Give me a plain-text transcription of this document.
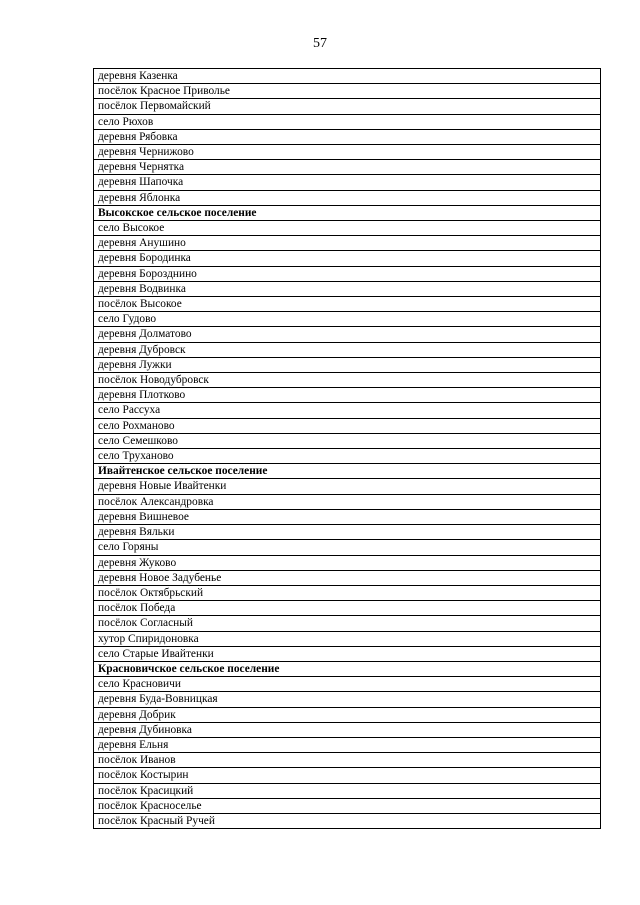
57
деревня Казенка
посёлок Красное Приволье
посёлок Первомайский
село Рюхов
деревня Рябовка
деревня Чернижово
деревня Чернятка
деревня Шапочка
деревня Яблонка
Высокское сельское поселение
село Высокое
деревня Анушино
деревня Бородинка
деревня Борозднино
деревня Водвинка
посёлок Высокое
село Гудово
деревня Долматово
деревня Дубровск
деревня Лужки
посёлок Новодубровск
деревня Плотково
село Рассуха
село Рохманово
село Семешково
село Труханово
Ивайтенское сельское поселение
деревня Новые Ивайтенки
посёлок Александровка
деревня Вишневое
деревня Вяльки
село Горяны
деревня Жуково
деревня Новое Задубенье
посёлок Октябрьский
посёлок Победа
посёлок Согласный
хутор Спиридоновка
село Старые Ивайтенки
Красновичское сельское поселение
село Красновичи
деревня Буда-Вовницкая
деревня Добрик
деревня Дубиновка
деревня Ельня
посёлок Иванов
посёлок Костырин
посёлок Красицкий
посёлок Красноселье
посёлок Красный Ручей
